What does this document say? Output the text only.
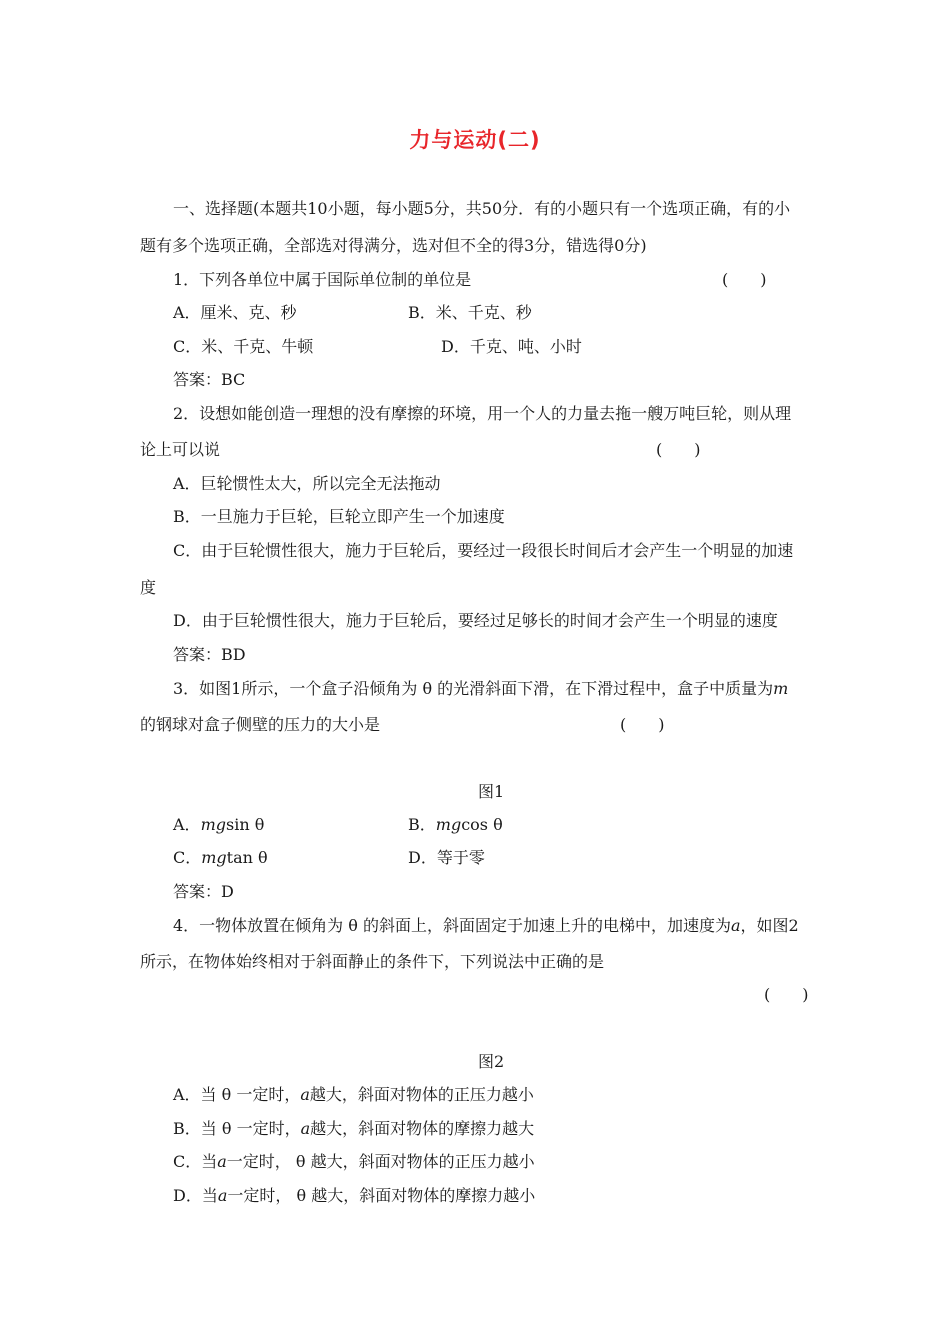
力与运动(二)
一、选择题(本题共10小题，每小题5分，共50分．有的小题只有一个选项正确，有的小
题有多个选项正确，全部选对得满分，选对但不全的得3分，错选得0分)
1．下列各单位中属于国际单位制的单位是	(　　)
A．厘米、克、秒	B．米、千克、秒
C．米、千克、牛顿	D．千克、吨、小时
答案：BC
2．设想如能创造一理想的没有摩擦的环境，用一个人的力量去拖一艘万吨巨轮，则从理
论上可以说	(　　)
A．巨轮惯性太大，所以完全无法拖动
B．一旦施力于巨轮，巨轮立即产生一个加速度
C．由于巨轮惯性很大，施力于巨轮后，要经过一段很长时间后才会产生一个明显的加速
度
D．由于巨轮惯性很大，施力于巨轮后，要经过足够长的时间才会产生一个明显的速度
答案：BD
3．如图1所示，一个盒子沿倾角为 θ 的光滑斜面下滑，在下滑过程中，盒子中质量为m
的钢球对盒子侧壁的压力的大小是	(　　)
图1
A．mgsin θ	B．mgcos θ
C．mgtan θ	D．等于零
答案：D
4．一物体放置在倾角为 θ 的斜面上，斜面固定于加速上升的电梯中，加速度为a，如图2
所示，在物体始终相对于斜面静止的条件下，下列说法中正确的是
(　　)
图2
A．当 θ 一定时，a越大，斜面对物体的正压力越小
B．当 θ 一定时，a越大，斜面对物体的摩擦力越大
C．当a一定时， θ 越大，斜面对物体的正压力越小
D．当a一定时， θ 越大，斜面对物体的摩擦力越小
